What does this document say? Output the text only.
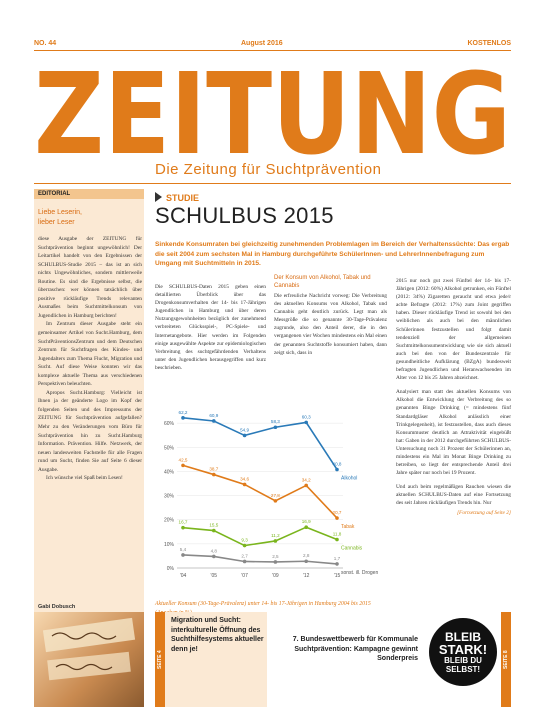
NO. 44	August 2016	KOSTENLOS
ZEITUNG
Die Zeitung für Suchtprävention
EDITORIAL
Liebe Leserin,
lieber Leser

diese Ausgabe der ZEITUNG für Suchtprävention beginnt ungewöhnlich! Der Leitartikel handelt von den Ergebnissen der SCHULBUS-Studie 2015 – das ist an sich nichts Ungewöhnliches, sondern mittlerweile Routine. Es sind die Ergebnisse selbst, die überraschen: wer können tatsächlich über positive rückläufige Trends relevanten Ausmaßes beim Suchtmittelkonsum von Jugendlichen in Hamburg berichten!

Im Zentrum dieser Ausgabe steht ein gemeinsamer Artikel von Sucht.Hamburg, dem SuchtPräventionsZentrum und dem Deutschen Zentrum für Suchtfragen des Kindes- und Jugendalters zum Thema Flucht, Migration und Sucht. Auf diese Weise konnten wir das komplexe aktuelle Thema aus verschiedenen Perspektiven beleuchten.

Apropos Sucht.Hamburg: Vielleicht ist Ihnen ja der geänderte Logo im Kopf der folgenden Seiten und des Impressums der ZEITUNG für Suchtprävention aufgefallen? Mehr zu den Veränderungen vom Büro für Suchtprävention hin zu Sucht.Hamburg Information. Prävention. Hilfe. Netzwerk, der neuen landesweiten Fachstelle für alle Fragen rund um Sucht, finden Sie auf Seite 6 dieser Ausgabe.

Ich wünsche viel Spaß beim Lesen!

Gabi Dobusch
STUDIE
SCHULBUS 2015
Sinkende Konsumraten bei gleichzeitig zunehmenden Problemlagen im Bereich der Verhaltenssüchte: Das ergab die seit 2004 zum sechsten Mal in Hamburg durchgeführte SchülerInnen- und LehrerInnenbefragung zum Umgang mit Suchtmitteln in 2015.
Die SCHULBUS-Daten 2015 geben einen detaillierten Überblick über das Drogenkonsumverhalten der 14- bis 17-Jährigen Jugendlichen in Hamburg und über deren Nutzungsgewohnheiten bezüglich der zunehmend verbreiteten Glücksspiel-, PC-Spiele- und Internetangebote. Hier werden im Folgenden einige ausgewählte Aspekte zur epidemiologischen Verbreitung des suchtgefährdenden Verhaltens unter den Jugendlichen herausgegriffen und kurz beschrieben.
Der Konsum von Alkohol, Tabak und Cannabis
Die erfreuliche Nachricht vorweg: Die Verbreitung des aktuellen Konsums von Alkohol, Tabak und Cannabis geht deutlich zurück. Legt man als Messgröße die so genannte 30-Tage-Prävalenz zugrunde, also den Anteil derer, die in den vergangenen vier Wochen mindestens ein Mal einen der genannten Suchtstoffe konsumiert haben, dann zeigt sich, dass in
2015 nur noch gut zwei Fünftel der 14- bis 17-Jährigen (2012: 60%) Alkohol getrunken, ein Fünftel (2012: 34%) Zigaretten geraucht und etwa jede/r achte Befragte (2012: 17%) zum Joint gegriffen haben. Dieser rückläufige Trend ist sowohl bei den weiblichen als auch bei den männlichen Schülerinnen festzustellen und folgt damit tendenziell der allgemeinen Suchtmittelkonsumentwicklung wie sie sich aktuell auch bei den von der Bundeszentrale für gesundheitliche Aufklärung (BZgA) bundesweit befragten Jugendlichen und Heranwachsenden im Alter von 12 bis 25 Jahren abzeichnet.
Analysiert man statt des aktuellen Konsums von Alkohol die Entwicklung der Verbreitung des so genannten Binge Drinking (= mindestens fünf Standardgläser Alkohol anlässlich einer Trinkgelegenheit), ist festzustellen, dass auch dieses Konsummuster deutlich an Attraktivität eingebüßt hat: Gaben in der 2012 durchgeführten SCHULBUS-Untersuchung noch 31 Prozent der Schülerinnen an, mindestens ein Mal im Monat Binge Drinking zu betreiben, so liegt der entsprechende Anteil drei Jahre später nur noch bei 19 Prozent.
Und auch beim regelmäßigen Rauchen wiesen die aktuellen SCHULBUS-Daten auf eine Fortsetzung des seit Jahren rückläufigen Trends hin. Nur
[Fortsetzung auf Seite 2]
0%
10%
20%
30%
40%
50%
60%
'04	'05	'07	'09	'12	'15
62,2
60,9
54,9
58,3
60,3
40,8
Alkohol
42,5
38,7
34,6
27,8
34,2
20,7
Tabak
16,7
15,5
9,3
11,2
16,9
11,8
Cannabis
5,4	4,8
2,7	2,5	2,8
1,7
sonst. ill. Drogen
Aktueller Konsum (30-Tage-Prävalenz) unter 14- bis 17-Jährigen in Hamburg 2004 bis 2015
SEITE 4
Migration und Sucht: interkulturelle Öffnung des Suchthilfesystems aktueller denn je!
7. Bundeswettbewerb für Kommunale Suchtprävention: Kampagne gewinnt Sonderpreis
BLEIB
STARK!
BLEIB DU
SELBST!
SEITE 8
